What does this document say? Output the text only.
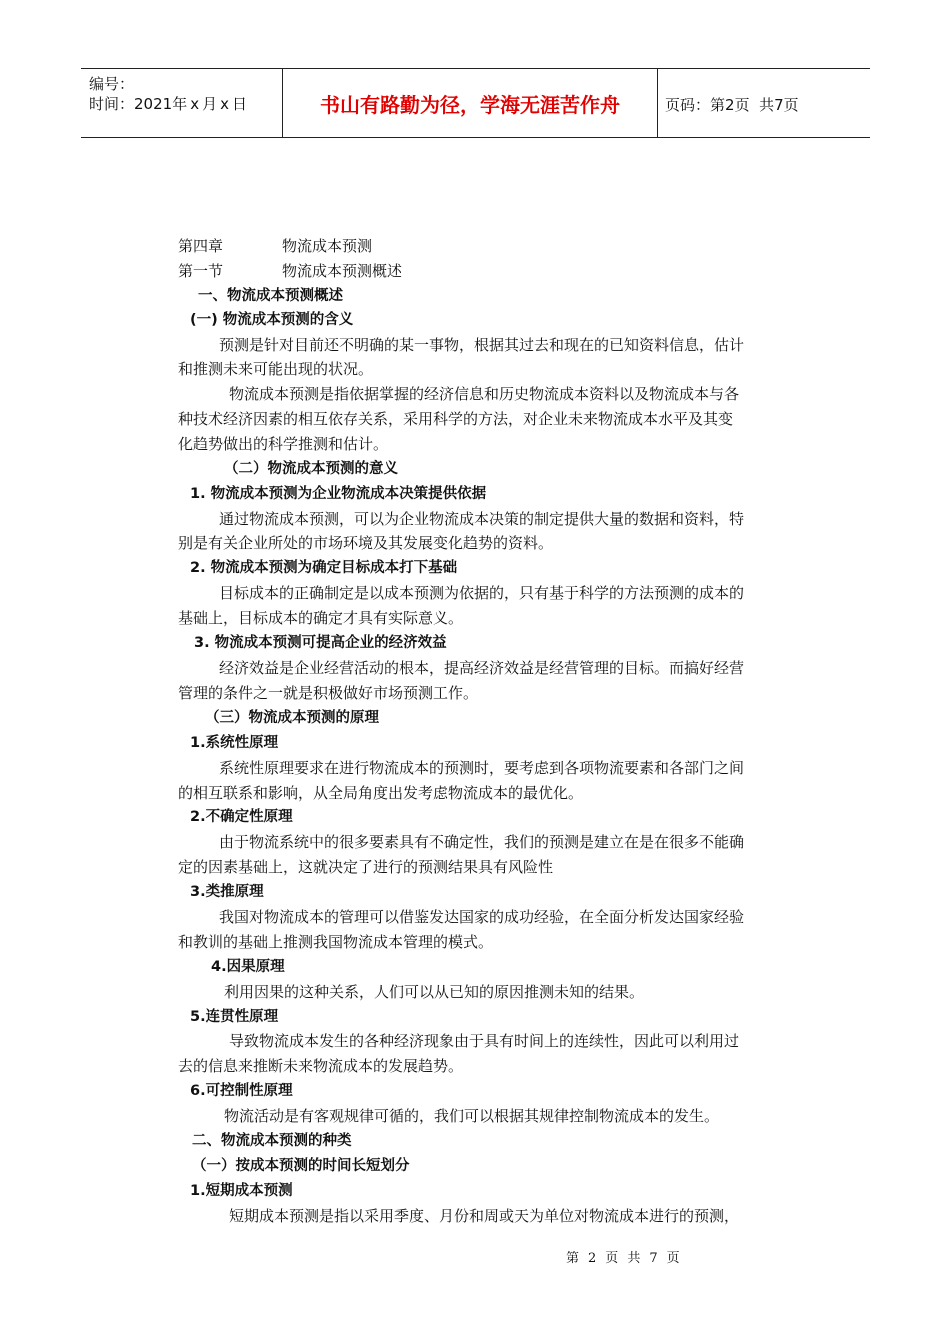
编号：
时间：2021年 x 月 x 日	书山有路勤为径，学海无涯苦作舟	页码：第2页  共7页
第四章	物流成本预测
第一节	物流成本预测概述
一、物流成本预测概述
(一) 物流成本预测的含义
预测是针对目前还不明确的某一事物，根据其过去和现在的已知资料信息，估计
和推测未来可能出现的状况。
物流成本预测是指依据掌握的经济信息和历史物流成本资料以及物流成本与各
种技术经济因素的相互依存关系，采用科学的方法，对企业未来物流成本水平及其变
化趋势做出的科学推测和估计。
（二）物流成本预测的意义
1. 物流成本预测为企业物流成本决策提供依据
通过物流成本预测，可以为企业物流成本决策的制定提供大量的数据和资料，特
别是有关企业所处的市场环境及其发展变化趋势的资料。
2. 物流成本预测为确定目标成本打下基础
目标成本的正确制定是以成本预测为依据的，只有基于科学的方法预测的成本的
基础上，目标成本的确定才具有实际意义。
3. 物流成本预测可提高企业的经济效益
经济效益是企业经营活动的根本，提高经济效益是经营管理的目标。而搞好经营
管理的条件之一就是积极做好市场预测工作。
（三）物流成本预测的原理
1.系统性原理
系统性原理要求在进行物流成本的预测时，要考虑到各项物流要素和各部门之间
的相互联系和影响，从全局角度出发考虑物流成本的最优化。
2.不确定性原理
由于物流系统中的很多要素具有不确定性，我们的预测是建立在是在很多不能确
定的因素基础上，这就决定了进行的预测结果具有风险性
3.类推原理
我国对物流成本的管理可以借鉴发达国家的成功经验，在全面分析发达国家经验
和教训的基础上推测我国物流成本管理的模式。
4.因果原理
利用因果的这种关系，人们可以从已知的原因推测未知的结果。
5.连贯性原理
导致物流成本发生的各种经济现象由于具有时间上的连续性，因此可以利用过
去的信息来推断未来物流成本的发展趋势。
6.可控制性原理
物流活动是有客观规律可循的，我们可以根据其规律控制物流成本的发生。
二、物流成本预测的种类
（一）按成本预测的时间长短划分
1.短期成本预测
短期成本预测是指以采用季度、月份和周或天为单位对物流成本进行的预测，
第 2 页 共 7 页
